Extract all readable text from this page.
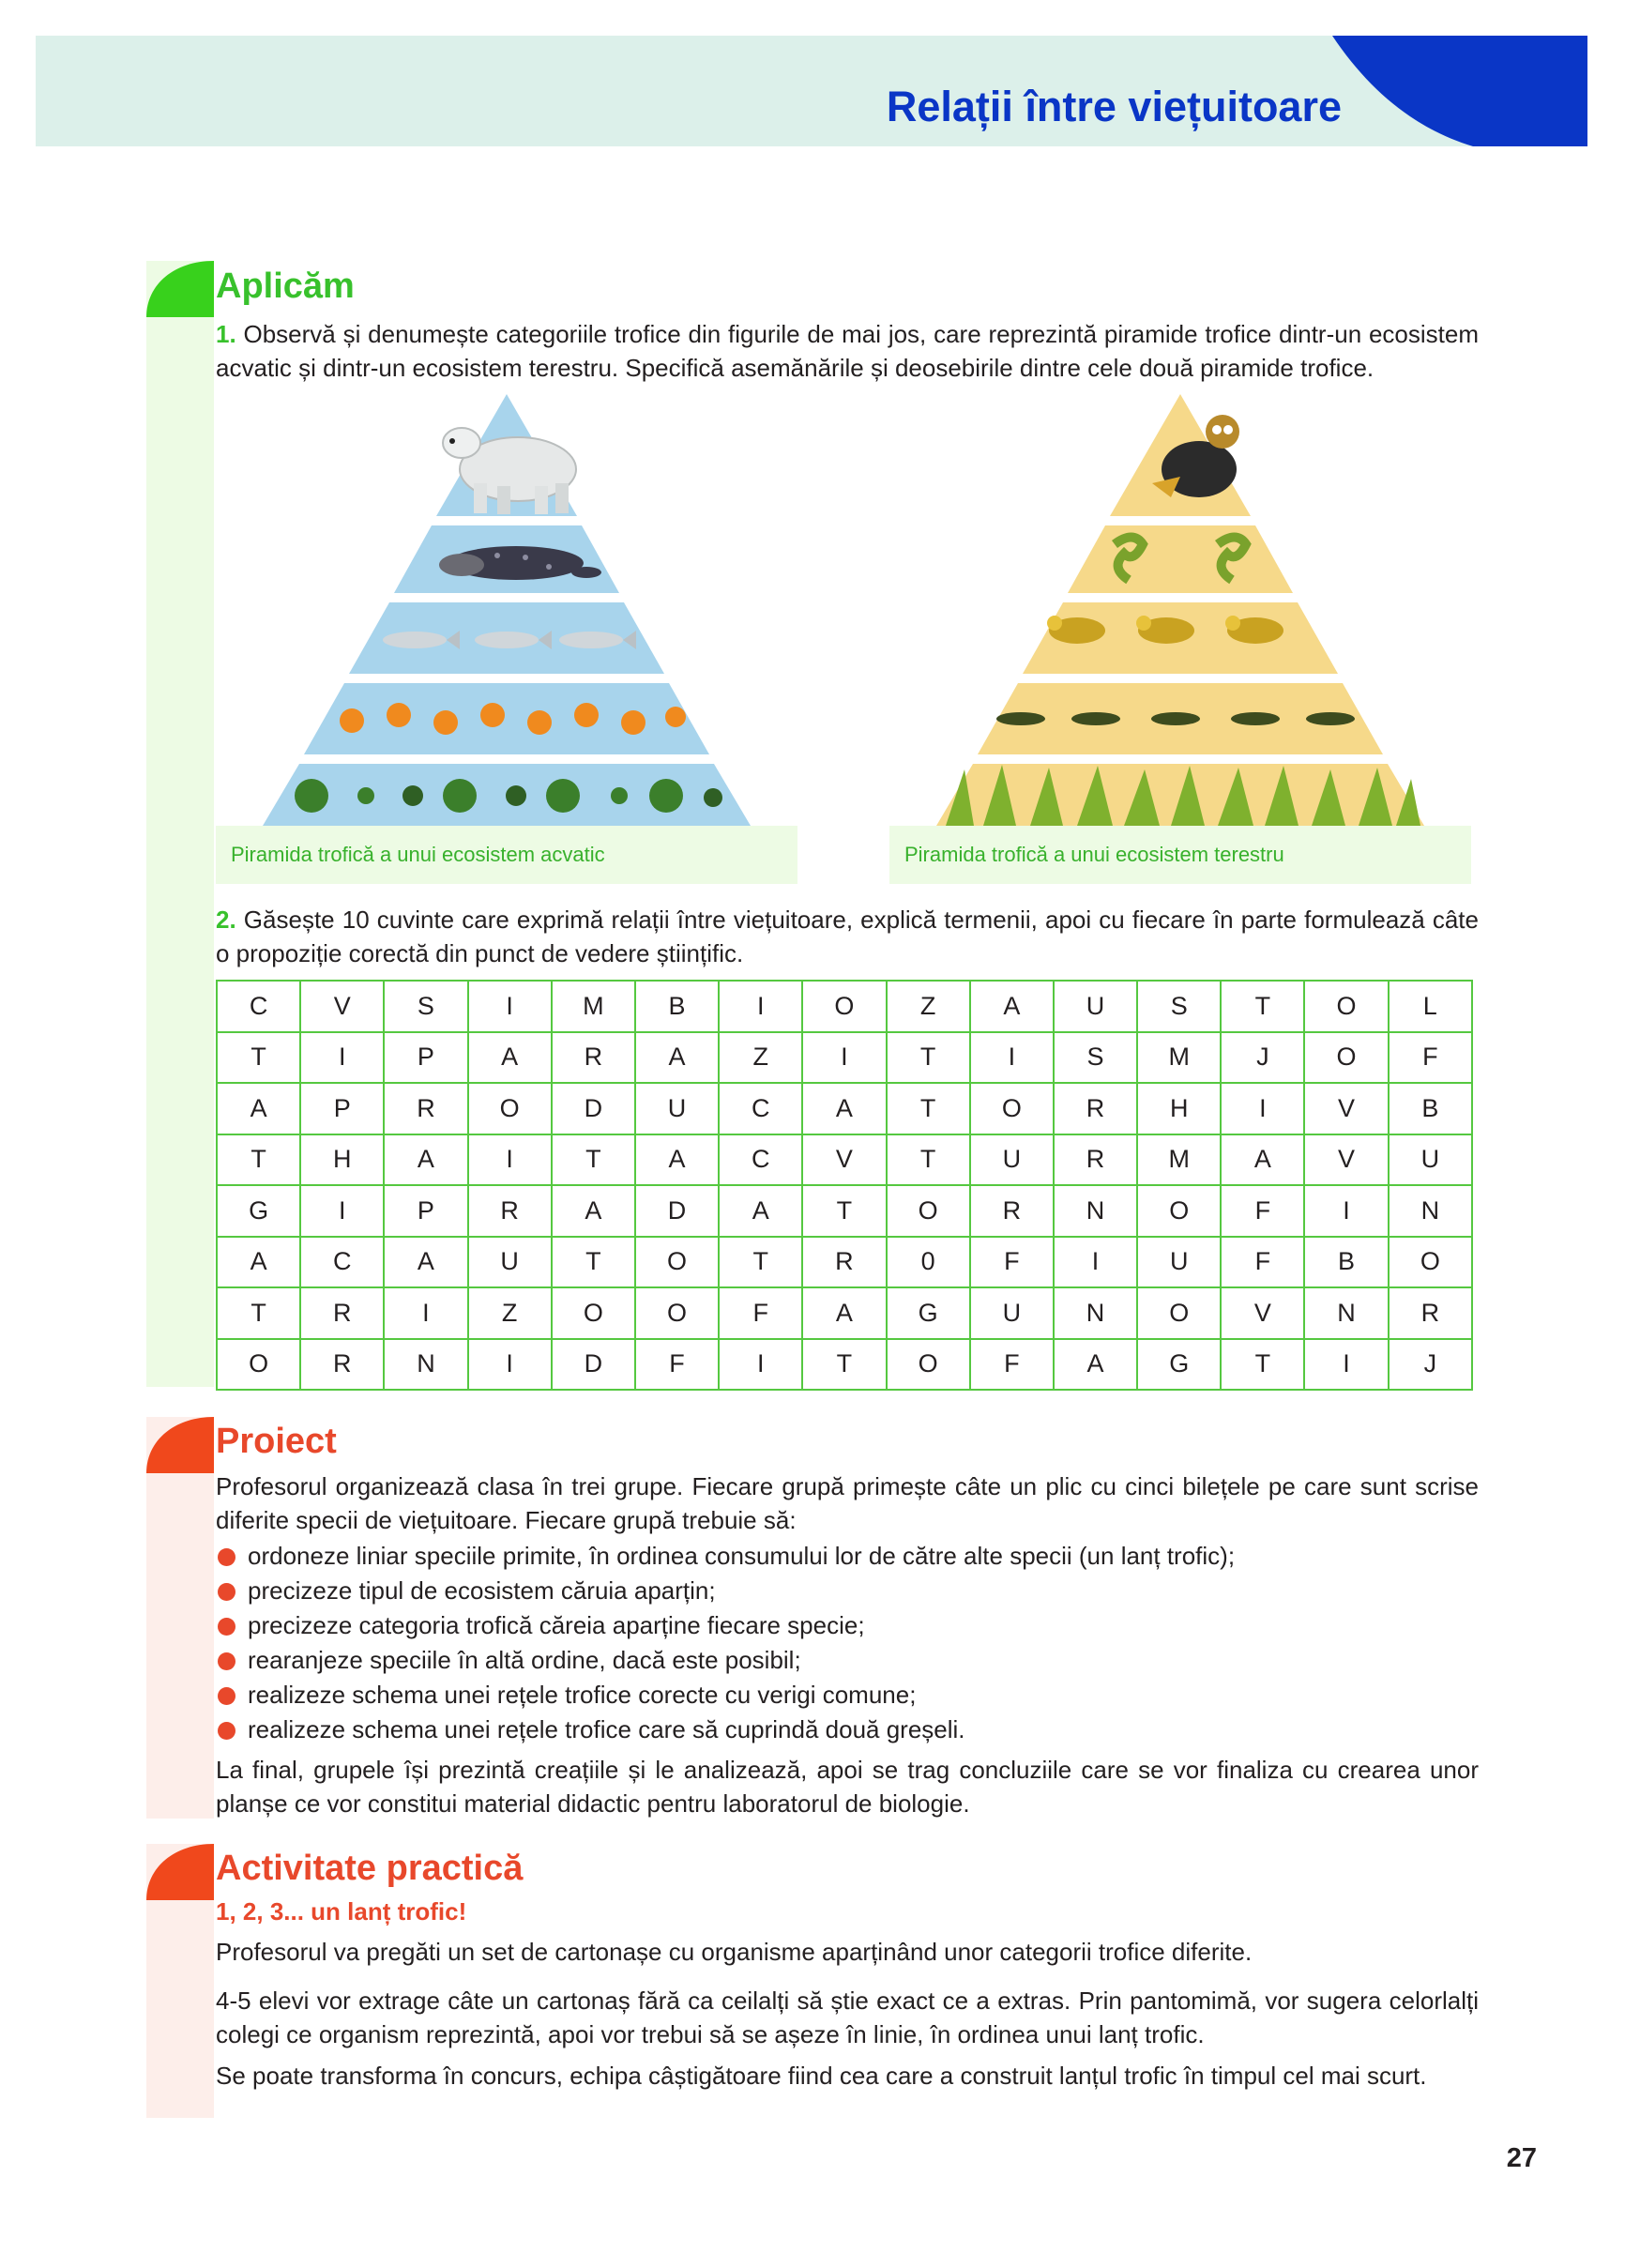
Relații între viețuitoare
Aplicăm
1. Observă și denumește categoriile trofice din figurile de mai jos, care reprezintă piramide trofice dintr-un ecosistem acvatic și dintr-un ecosistem terestru. Specifică asemănările și deosebirile dintre cele două piramide trofice.
Piramida trofică a unui ecosistem acvatic	Piramida trofică a unui ecosistem terestru
2. Găsește 10 cuvinte care exprimă relații între viețuitoare, explică termenii, apoi cu fiecare în parte formulează câte o propoziție corectă din punct de vedere științific.
C	V	S	I	M	B	I	O	Z	A	U	S	T	O	L
T	I	P	A	R	A	Z	I	T	I	S	M	J	O	F
A	P	R	O	D	U	C	A	T	O	R	H	I	V	B
T	H	A	I	T	A	C	V	T	U	R	M	A	V	U
G	I	P	R	A	D	A	T	O	R	N	O	F	I	N
A	C	A	U	T	O	T	R	0	F	I	U	F	B	O
T	R	I	Z	O	O	F	A	G	U	N	O	V	N	R
O	R	N	I	D	F	I	T	O	F	A	G	T	I	J
Proiect
Profesorul organizează clasa în trei grupe. Fiecare grupă primește câte un plic cu cinci bilețele pe care sunt scrise diferite specii de viețuitoare. Fiecare grupă trebuie să:
ordoneze liniar speciile primite, în ordinea consumului lor de către alte specii (un lanț trofic);
precizeze tipul de ecosistem căruia aparțin;
precizeze categoria trofică căreia aparține fiecare specie;
rearanjeze speciile în altă ordine, dacă este posibil;
realizeze schema unei rețele trofice corecte cu verigi comune;
realizeze schema unei rețele trofice care să cuprindă două greșeli.
La final, grupele își prezintă creațiile și le analizează, apoi se trag concluziile care se vor finaliza cu crearea unor planșe ce vor constitui material didactic pentru laboratorul de biologie.
Activitate practică
1, 2, 3... un lanț trofic!
Profesorul va pregăti un set de cartonașe cu organisme aparținând unor categorii trofice diferite.
4-5 elevi vor extrage câte un cartonaș fără ca ceilalți să știe exact ce a extras. Prin pantomimă, vor sugera celorlalți colegi ce organism reprezintă, apoi vor trebui să se așeze în linie, în ordinea unui lanț trofic.
Se poate transforma în concurs, echipa câștigătoare fiind cea care a construit lanțul trofic în timpul cel mai scurt.
27
